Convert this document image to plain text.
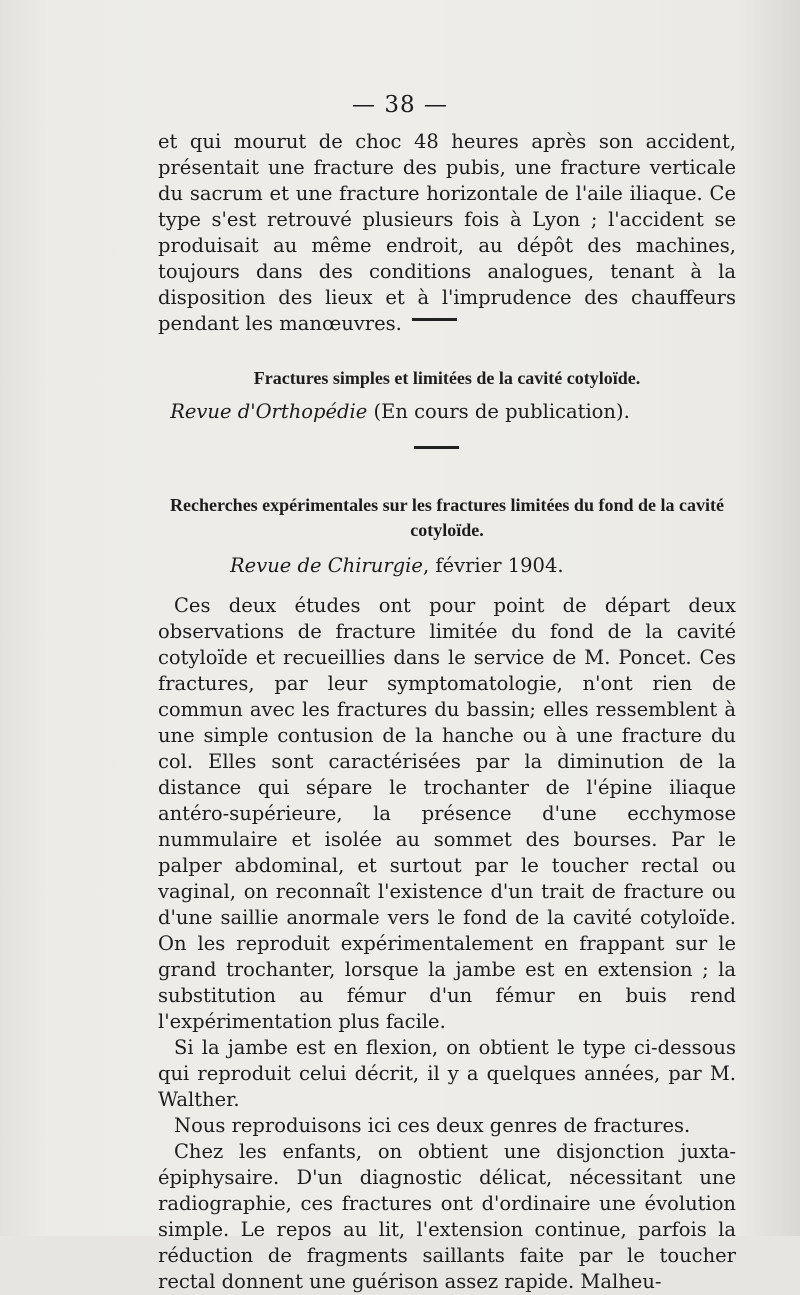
— 38 —

et qui mourut de choc 48 heures après son accident, présentait une fracture des pubis, une fracture verticale du sacrum et une fracture horizontale de l'aile iliaque. Ce type s'est retrouvé plusieurs fois à Lyon ; l'accident se produisait au même endroit, au dépôt des machines, toujours dans des conditions analogues, tenant à la disposition des lieux et à l'imprudence des chauffeurs pendant les manœuvres.

Fractures simples et limitées de la cavité cotyloïde.
Revue d'Orthopédie (En cours de publication).
Recherches expérimentales sur les fractures limitées du fond de la cavité cotyloïde.
Revue de Chirurgie, février 1904.

Ces deux études ont pour point de départ deux observations de fracture limitée du fond de la cavité cotyloïde et recueillies dans le service de M. Poncet. Ces fractures, par leur symptomatologie, n'ont rien de commun avec les fractures du bassin; elles ressemblent à une simple contusion de la hanche ou à une fracture du col. Elles sont caractérisées par la diminution de la distance qui sépare le trochanter de l'épine iliaque antéro-supérieure, la présence d'une ecchymose nummulaire et isolée au sommet des bourses. Par le palper abdominal, et surtout par le toucher rectal ou vaginal, on reconnaît l'existence d'un trait de fracture ou d'une saillie anormale vers le fond de la cavité cotyloïde. On les reproduit expérimentalement en frappant sur le grand trochanter, lorsque la jambe est en extension ; la substitution au fémur d'un fémur en buis rend l'expérimentation plus facile.

Si la jambe est en flexion, on obtient le type ci-dessous qui reproduit celui décrit, il y a quelques années, par M. Walther.

Nous reproduisons ici ces deux genres de fractures.

Chez les enfants, on obtient une disjonction juxta-épiphysaire. D'un diagnostic délicat, nécessitant une radiographie, ces fractures ont d'ordinaire une évolution simple. Le repos au lit, l'extension continue, parfois la réduction de fragments saillants faite par le toucher rectal donnent une guérison assez rapide. Malheu-
